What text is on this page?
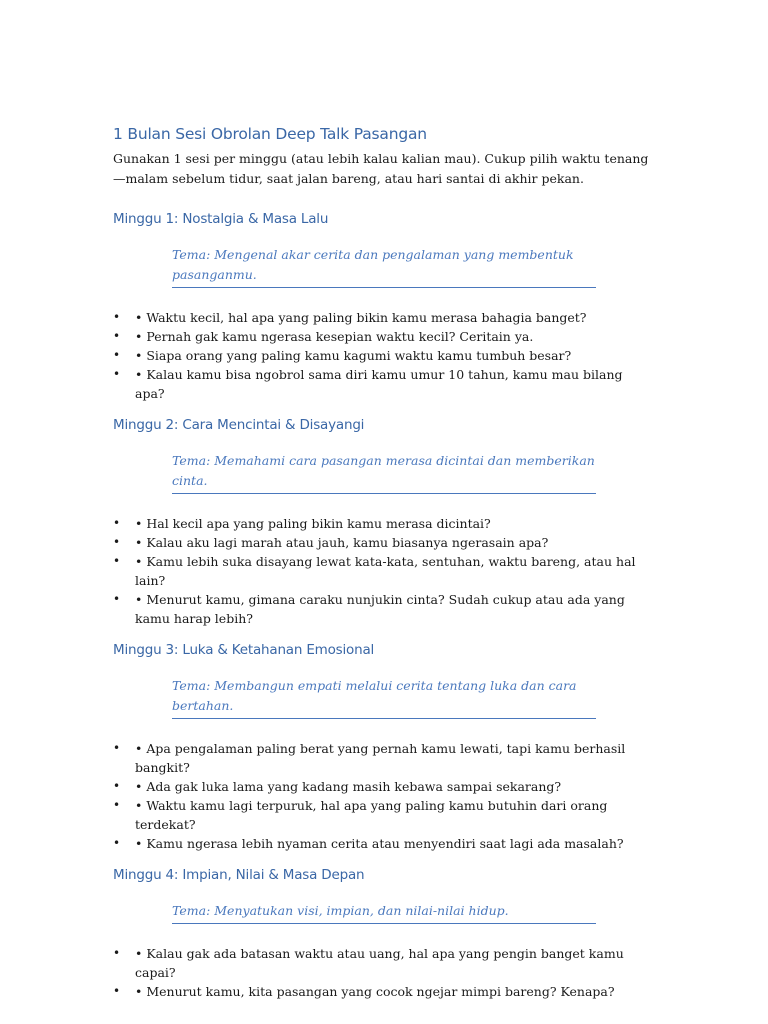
1 Bulan Sesi Obrolan Deep Talk Pasangan

Gunakan 1 sesi per minggu (atau lebih kalau kalian mau). Cukup pilih waktu tenang—malam sebelum tidur, saat jalan bareng, atau hari santai di akhir pekan.

Minggu 1: Nostalgia & Masa Lalu
Tema: Mengenal akar cerita dan pengalaman yang membentuk pasanganmu.
• • Waktu kecil, hal apa yang paling bikin kamu merasa bahagia banget?
• • Pernah gak kamu ngerasa kesepian waktu kecil? Ceritain ya.
• • Siapa orang yang paling kamu kagumi waktu kamu tumbuh besar?
• • Kalau kamu bisa ngobrol sama diri kamu umur 10 tahun, kamu mau bilang apa?
Minggu 2: Cara Mencintai & Disayangi
Tema: Memahami cara pasangan merasa dicintai dan memberikan cinta.
• • Hal kecil apa yang paling bikin kamu merasa dicintai?
• • Kalau aku lagi marah atau jauh, kamu biasanya ngerasain apa?
• • Kamu lebih suka disayang lewat kata-kata, sentuhan, waktu bareng, atau hal lain?
• • Menurut kamu, gimana caraku nunjukin cinta? Sudah cukup atau ada yang kamu harap lebih?
Minggu 3: Luka & Ketahanan Emosional
Tema: Membangun empati melalui cerita tentang luka dan cara bertahan.
• • Apa pengalaman paling berat yang pernah kamu lewati, tapi kamu berhasil bangkit?
• • Ada gak luka lama yang kadang masih kebawa sampai sekarang?
• • Waktu kamu lagi terpuruk, hal apa yang paling kamu butuhin dari orang terdekat?
• • Kamu ngerasa lebih nyaman cerita atau menyendiri saat lagi ada masalah?
Minggu 4: Impian, Nilai & Masa Depan
Tema: Menyatukan visi, impian, dan nilai-nilai hidup.
• • Kalau gak ada batasan waktu atau uang, hal apa yang pengin banget kamu capai?
• • Menurut kamu, kita pasangan yang cocok ngejar mimpi bareng? Kenapa?
